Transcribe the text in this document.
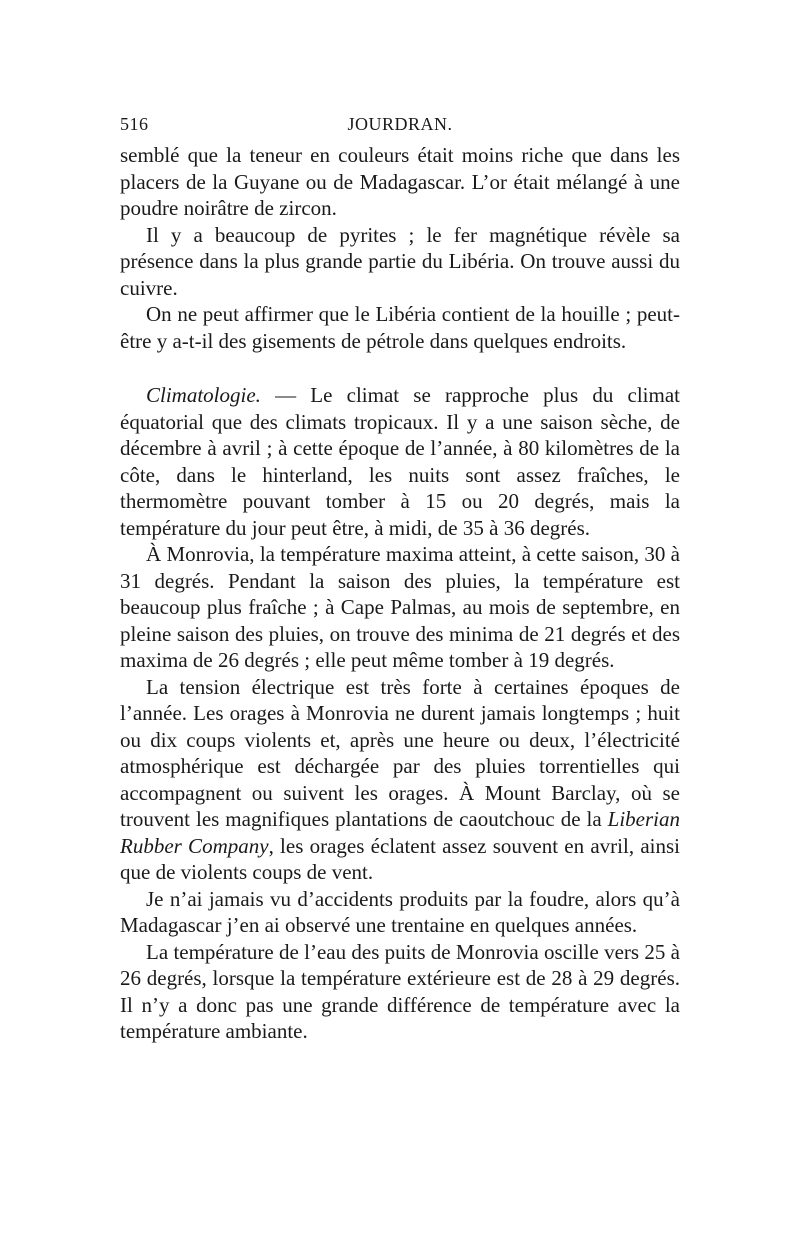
516	JOURDRAN.

semblé que la teneur en couleurs était moins riche que dans les placers de la Guyane ou de Madagascar. L’or était mélangé à une poudre noirâtre de zircon.

Il y a beaucoup de pyrites ; le fer magnétique révèle sa présence dans la plus grande partie du Libéria. On trouve aussi du cuivre.

On ne peut affirmer que le Libéria contient de la houille ; peut-être y a-t-il des gisements de pétrole dans quelques endroits.

Climatologie. — Le climat se rapproche plus du climat équatorial que des climats tropicaux. Il y a une saison sèche, de décembre à avril ; à cette époque de l’année, à 80 kilomètres de la côte, dans le hinterland, les nuits sont assez fraîches, le thermomètre pouvant tomber à 15 ou 20 degrés, mais la température du jour peut être, à midi, de 35 à 36 degrés.

À Monrovia, la température maxima atteint, à cette saison, 30 à 31 degrés. Pendant la saison des pluies, la température est beaucoup plus fraîche ; à Cape Palmas, au mois de septembre, en pleine saison des pluies, on trouve des minima de 21 degrés et des maxima de 26 degrés ; elle peut même tomber à 19 degrés.

La tension électrique est très forte à certaines époques de l’année. Les orages à Monrovia ne durent jamais longtemps ; huit ou dix coups violents et, après une heure ou deux, l’électricité atmosphérique est déchargée par des pluies torrentielles qui accompagnent ou suivent les orages. À Mount Barclay, où se trouvent les magnifiques plantations de caoutchouc de la Liberian Rubber Company, les orages éclatent assez souvent en avril, ainsi que de violents coups de vent.

Je n’ai jamais vu d’accidents produits par la foudre, alors qu’à Madagascar j’en ai observé une trentaine en quelques années.

La température de l’eau des puits de Monrovia oscille vers 25 à 26 degrés, lorsque la température extérieure est de 28 à 29 degrés. Il n’y a donc pas une grande différence de température avec la température ambiante.
